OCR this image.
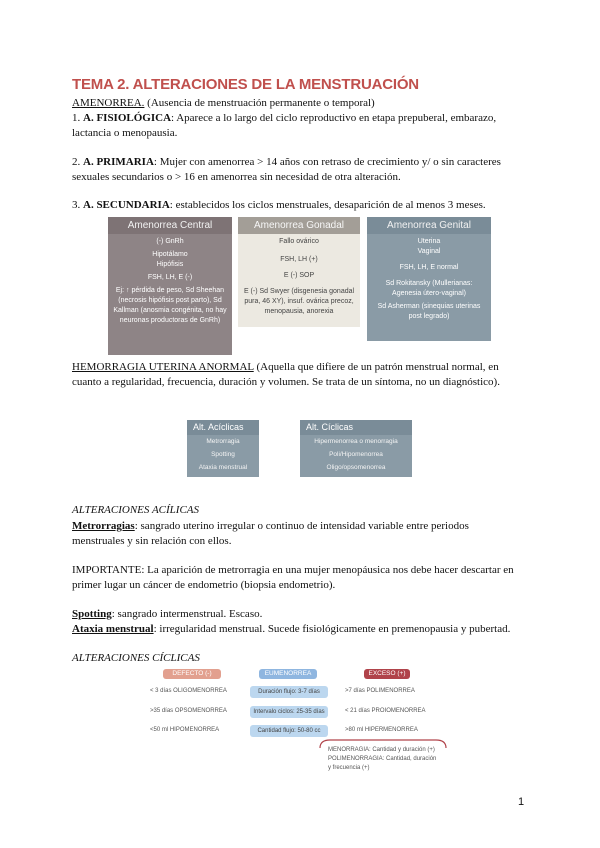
TEMA 2. ALTERACIONES DE LA MENSTRUACIÓN
AMENORREA. (Ausencia de menstruación permanente o temporal)
1. A. FISIOLÓGICA: Aparece a lo largo del ciclo reproductivo en etapa prepuberal, embarazo,
lactancia o menopausia.
2. A. PRIMARIA: Mujer con amenorrea > 14 años con retraso de crecimiento y/ o sin caracteres
sexuales secundarios o > 16 en amenorrea sin necesidad de otra alteración.
3. A. SECUNDARIA: establecidos los ciclos menstruales, desaparición de al menos 3 meses.
Amenorrea Central
(-) GnRh
Hipotálamo
Hipófisis
FSH, LH, E (-)
Ej: ↑ pérdida de peso, Sd Sheehan (necrosis hipófisis post parto), Sd Kallman (anosmia congénita, no hay neuronas productoras de GnRh)
Amenorrea Gonadal
Fallo ovárico
FSH, LH (+)
E (-) SOP
E (-) Sd Swyer (disgenesia gonadal pura, 46 XY), insuf. ovárica precoz, menopausia, anorexia
Amenorrea Genital
Uterina
Vaginal
FSH, LH, E normal
Sd Rokitansky (Mullerianas: Agenesia útero-vaginal)
Sd Asherman (sinequias uterinas post legrado)
HEMORRAGIA UTERINA ANORMAL (Aquella que difiere de un patrón menstrual normal, en
cuanto a regularidad, frecuencia, duración y volumen. Se trata de un síntoma, no un diagnóstico).
Alt. Acíclicas
Metrorragia
Spotting
Ataxia menstrual
Alt. Cíclicas
Hipermenorrea o menorragia
Poli/Hipomenorrea
Oligo/opsomenorrea
ALTERACIONES ACÍLICAS
Metrorragias: sangrado uterino irregular o continuo de intensidad variable entre periodos
menstruales y sin relación con ellos.
IMPORTANTE: La aparición de metrorragia en una mujer menopáusica nos debe hacer descartar en
primer lugar un cáncer de endometrio (biopsia endometrio).
Spotting: sangrado intermenstrual. Escaso.
Ataxia menstrual: irregularidad menstrual. Sucede fisiológicamente en premenopausia y pubertad.
ALTERACIONES CÍCLICAS
DEFECTO (-)	EUMENORREA	EXCESO (+)
< 3 días OLIGOMENORREA
>35 días OPSOMENORREA
<50 ml HIPOMENORREA
Duración flujo: 3-7 días
Intervalo ciclos: 25-35 días
Cantidad flujo: 50-80 cc
>7 días POLIMENORREA
< 21 días PROIOMENORREA
>80 ml HIPERMENORREA
MENORRAGIA: Cantidad y duración (+)
POLIMENORRAGIA: Cantidad, duración
y frecuencia (+)
1
